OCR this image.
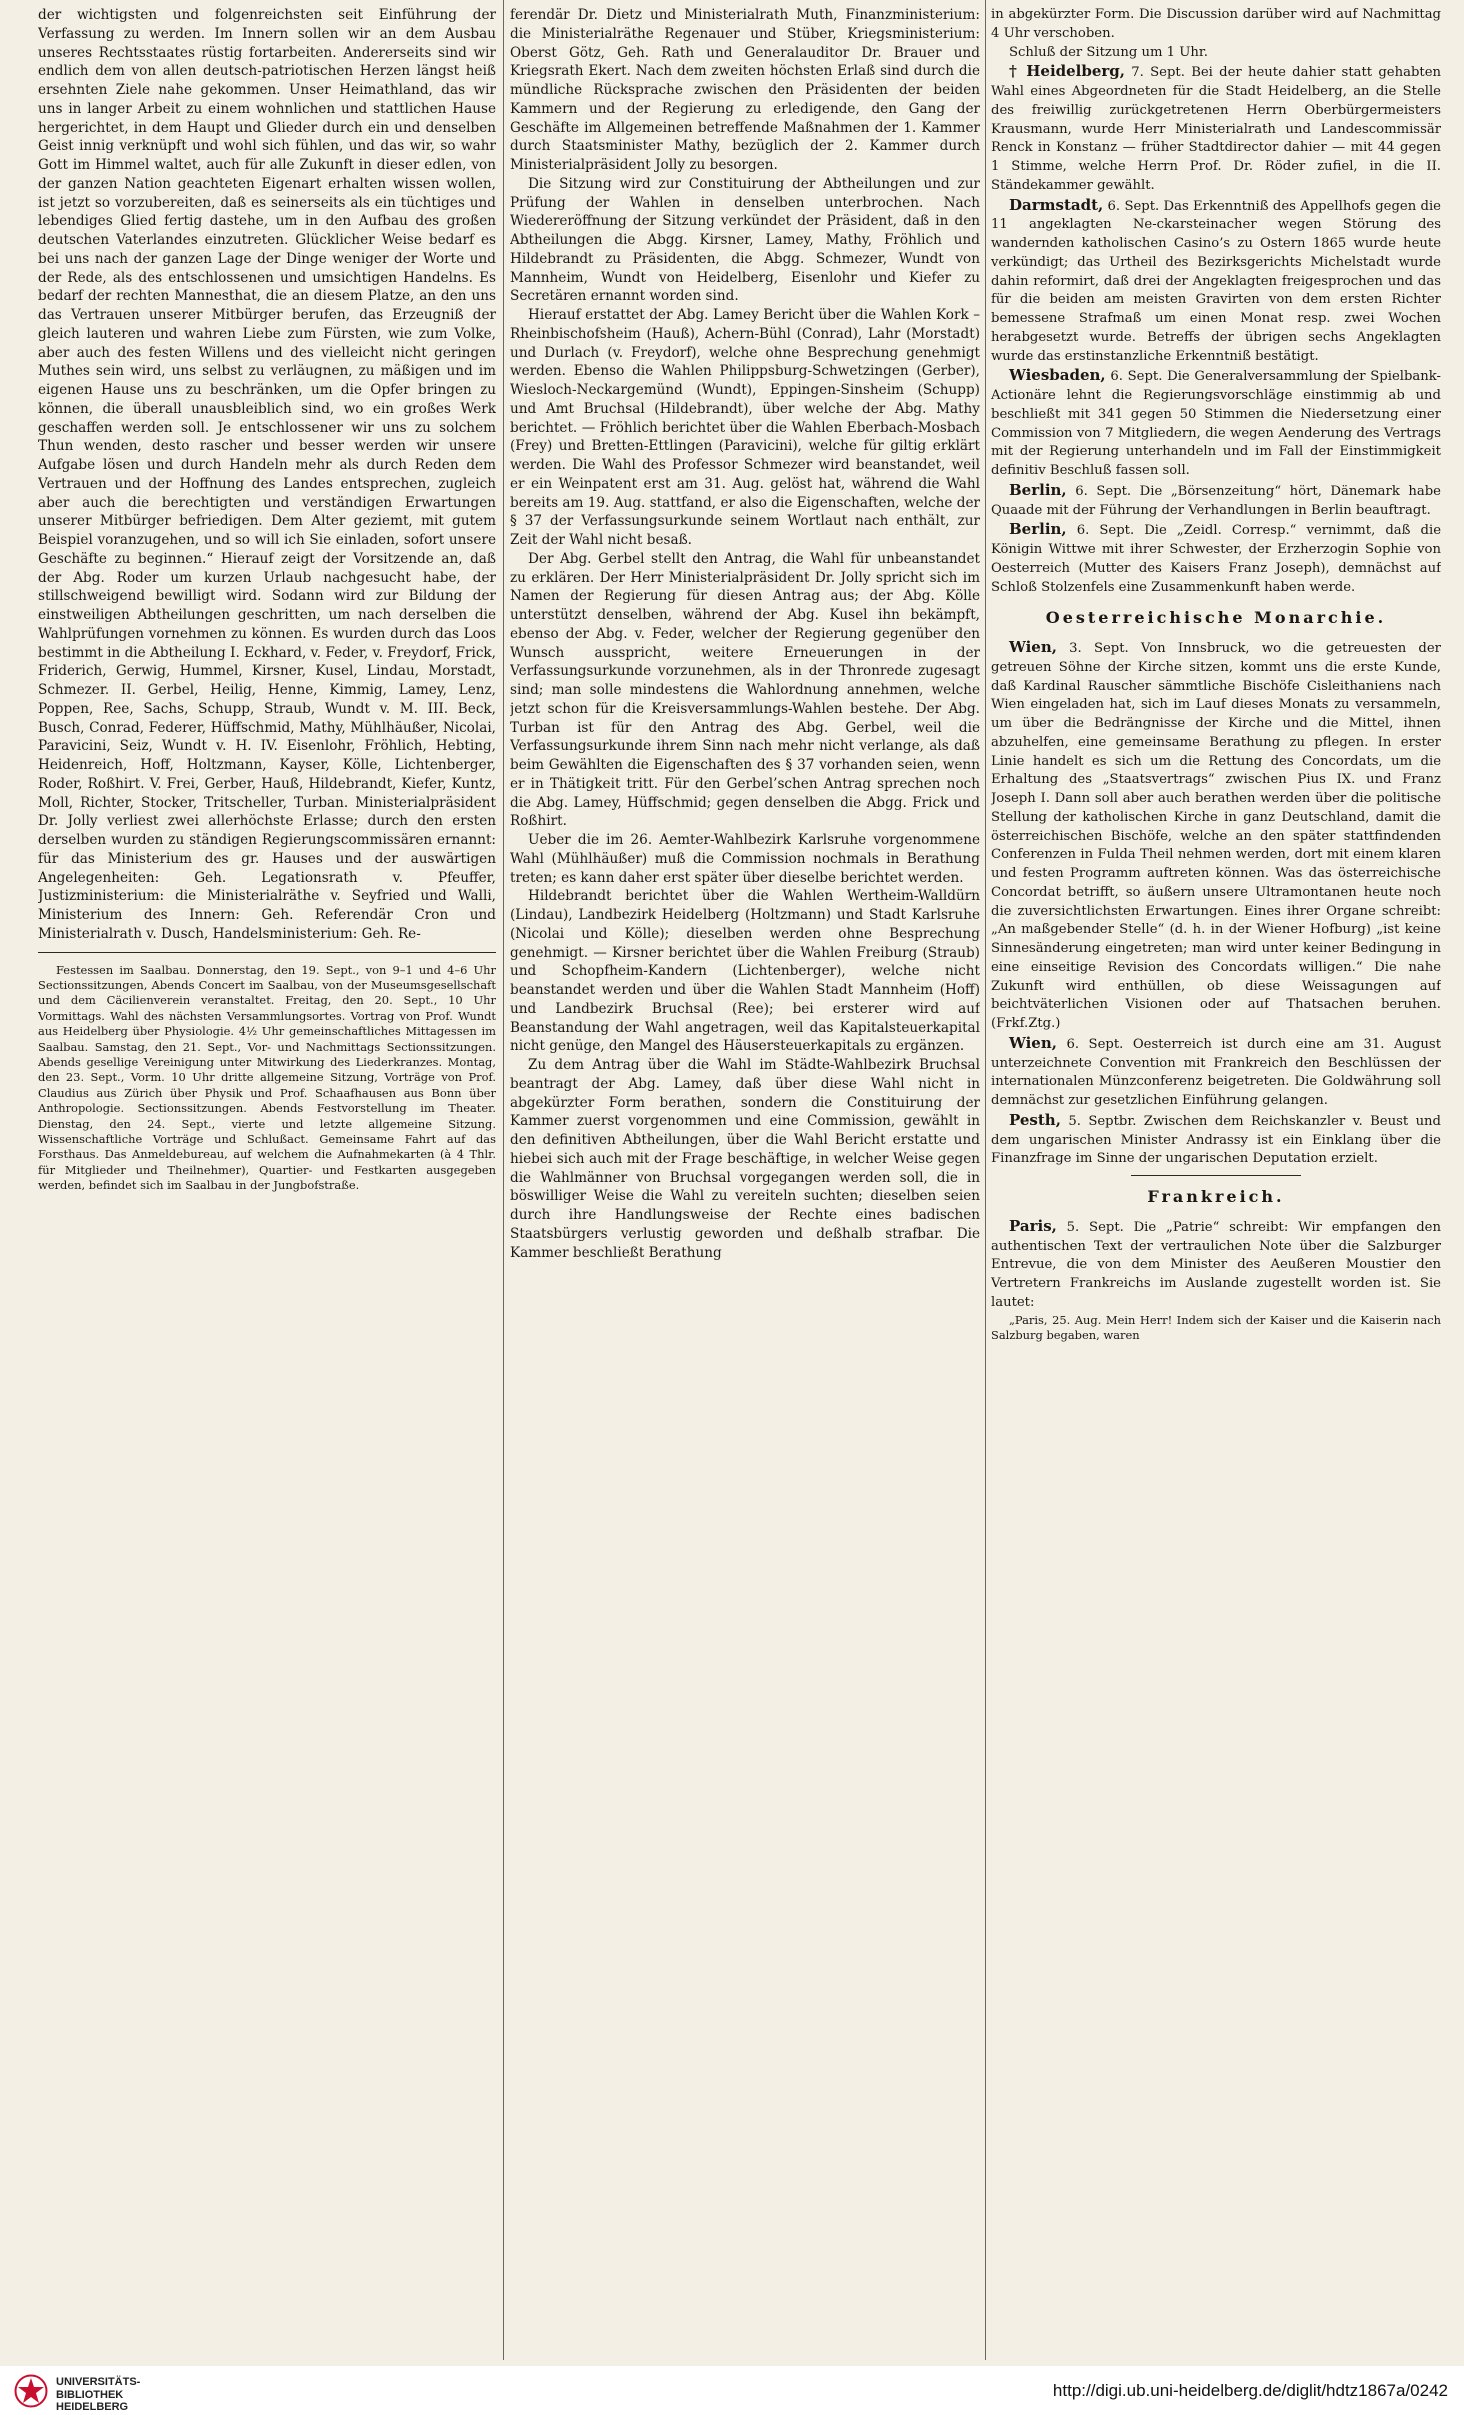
der wichtigsten und folgenreichsten seit Einführung der Verfassung zu werden. Im Innern sollen wir an dem Ausbau unseres Rechtsstaates rüstig fortarbeiten. Andererseits sind wir endlich dem von allen deutsch-patriotischen Herzen längst heiß ersehnten Ziele nahe gekommen. Unser Heimathland, das wir uns in langer Arbeit zu einem wohnlichen und stattlichen Hause hergerichtet, in dem Haupt und Glieder durch ein und denselben Geist innig verknüpft und wohl sich fühlen, und das wir, so wahr Gott im Himmel waltet, auch für alle Zukunft in dieser edlen, von der ganzen Nation geachteten Eigenart erhalten wissen wollen, ist jetzt so vorzubereiten, daß es seinerseits als ein tüchtiges und lebendiges Glied fertig dastehe, um in den Aufbau des großen deutschen Vaterlandes einzutreten. Glücklicher Weise bedarf es bei uns nach der ganzen Lage der Dinge weniger der Worte und der Rede, als des entschlossenen und umsichtigen Handelns. Es bedarf der rechten Mannesthat, die an diesem Platze, an den uns das Vertrauen unserer Mitbürger berufen, das Erzeugniß der gleich lauteren und wahren Liebe zum Fürsten, wie zum Volke, aber auch des festen Willens und des vielleicht nicht geringen Muthes sein wird, uns selbst zu verläugnen, zu mäßigen und im eigenen Hause uns zu beschränken, um die Opfer bringen zu können, die überall unausbleiblich sind, wo ein großes Werk geschaffen werden soll. Je entschlossener wir uns zu solchem Thun wenden, desto rascher und besser werden wir unsere Aufgabe lösen und durch Handeln mehr als durch Reden dem Vertrauen und der Hoffnung des Landes entsprechen, zugleich aber auch die berechtigten und verständigen Erwartungen unserer Mitbürger befriedigen. Dem Alter geziemt, mit gutem Beispiel voranzugehen, und so will ich Sie einladen, sofort unsere Geschäfte zu beginnen.“ Hierauf zeigt der Vorsitzende an, daß der Abg. Roder um kurzen Urlaub nachgesucht habe, der stillschweigend bewilligt wird. Sodann wird zur Bildung der einstweiligen Abtheilungen geschritten, um nach derselben die Wahlprüfungen vornehmen zu können. Es wurden durch das Loos bestimmt in die Abtheilung I. Eckhard, v. Feder, v. Freydorf, Frick, Friderich, Gerwig, Hummel, Kirsner, Kusel, Lindau, Morstadt, Schmezer. II. Gerbel, Heilig, Henne, Kimmig, Lamey, Lenz, Poppen, Ree, Sachs, Schupp, Straub, Wundt v. M. III. Beck, Busch, Conrad, Federer, Hüffschmid, Mathy, Mühlhäußer, Nicolai, Paravicini, Seiz, Wundt v. H. IV. Eisenlohr, Fröhlich, Hebting, Heidenreich, Hoff, Holtzmann, Kayser, Kölle, Lichtenberger, Roder, Roßhirt. V. Frei, Gerber, Hauß, Hildebrandt, Kiefer, Kuntz, Moll, Richter, Stocker, Tritscheller, Turban. Ministerialpräsident Dr. Jolly verliest zwei allerhöchste Erlasse; durch den ersten derselben wurden zu ständigen Regierungscommissären ernannt: für das Ministerium des gr. Hauses und der auswärtigen Angelegenheiten: Geh. Legationsrath v. Pfeuffer, Justizministerium: die Ministerialräthe v. Seyfried und Walli, Ministerium des Innern: Geh. Referendär Cron und Ministerialrath v. Dusch, Handelsministerium: Geh. Re-

Festessen im Saalbau. Donnerstag, den 19. Sept., von 9–1 und 4–6 Uhr Sectionssitzungen, Abends Concert im Saalbau, von der Museumsgesellschaft und dem Cäcilienverein veranstaltet. Freitag, den 20. Sept., 10 Uhr Vormittags. Wahl des nächsten Versammlungsortes. Vortrag von Prof. Wundt aus Heidelberg über Physiologie. 4½ Uhr gemeinschaftliches Mittagessen im Saalbau. Samstag, den 21. Sept., Vor- und Nachmittags Sectionssitzungen. Abends gesellige Vereinigung unter Mitwirkung des Liederkranzes. Montag, den 23. Sept., Vorm. 10 Uhr dritte allgemeine Sitzung, Vorträge von Prof. Claudius aus Zürich über Physik und Prof. Schaafhausen aus Bonn über Anthropologie. Sectionssitzungen. Abends Festvorstellung im Theater. Dienstag, den 24. Sept., vierte und letzte allgemeine Sitzung. Wissenschaftliche Vorträge und Schlußact. Gemeinsame Fahrt auf das Forsthaus. Das Anmeldebureau, auf welchem die Aufnahmekarten (à 4 Thlr. für Mitglieder und Theilnehmer), Quartier- und Festkarten ausgegeben werden, befindet sich im Saalbau in der Jungbofstraße.

ferendär Dr. Dietz und Ministerialrath Muth, Finanzministerium: die Ministerialräthe Regenauer und Stüber, Kriegsministerium: Oberst Götz, Geh. Rath und Generalauditor Dr. Brauer und Kriegsrath Ekert. Nach dem zweiten höchsten Erlaß sind durch die mündliche Rücksprache zwischen den Präsidenten der beiden Kammern und der Regierung zu erledigende, den Gang der Geschäfte im Allgemeinen betreffende Maßnahmen der 1. Kammer durch Staatsminister Mathy, bezüglich der 2. Kammer durch Ministerialpräsident Jolly zu besorgen.

Die Sitzung wird zur Constituirung der Abtheilungen und zur Prüfung der Wahlen in denselben unterbrochen. Nach Wiedereröffnung der Sitzung verkündet der Präsident, daß in den Abtheilungen die Abgg. Kirsner, Lamey, Mathy, Fröhlich und Hildebrandt zu Präsidenten, die Abgg. Schmezer, Wundt von Mannheim, Wundt von Heidelberg, Eisenlohr und Kiefer zu Secretären ernannt worden sind.

Hierauf erstattet der Abg. Lamey Bericht über die Wahlen Kork – Rheinbischofsheim (Hauß), Achern-Bühl (Conrad), Lahr (Morstadt) und Durlach (v. Freydorf), welche ohne Besprechung genehmigt werden. Ebenso die Wahlen Philippsburg-Schwetzingen (Gerber), Wiesloch-Neckargemünd (Wundt), Eppingen-Sinsheim (Schupp) und Amt Bruchsal (Hildebrandt), über welche der Abg. Mathy berichtet. — Fröhlich berichtet über die Wahlen Eberbach-Mosbach (Frey) und Bretten-Ettlingen (Paravicini), welche für giltig erklärt werden. Die Wahl des Professor Schmezer wird beanstandet, weil er ein Weinpatent erst am 31. Aug. gelöst hat, während die Wahl bereits am 19. Aug. stattfand, er also die Eigenschaften, welche der § 37 der Verfassungsurkunde seinem Wortlaut nach enthält, zur Zeit der Wahl nicht besaß.

Der Abg. Gerbel stellt den Antrag, die Wahl für unbeanstandet zu erklären. Der Herr Ministerialpräsident Dr. Jolly spricht sich im Namen der Regierung für diesen Antrag aus; der Abg. Kölle unterstützt denselben, während der Abg. Kusel ihn bekämpft, ebenso der Abg. v. Feder, welcher der Regierung gegenüber den Wunsch ausspricht, weitere Erneuerungen in der Verfassungsurkunde vorzunehmen, als in der Thronrede zugesagt sind; man solle mindestens die Wahlordnung annehmen, welche jetzt schon für die Kreisversammlungs-Wahlen bestehe. Der Abg. Turban ist für den Antrag des Abg. Gerbel, weil die Verfassungsurkunde ihrem Sinn nach mehr nicht verlange, als daß beim Gewählten die Eigenschaften des § 37 vorhanden seien, wenn er in Thätigkeit tritt. Für den Gerbel’schen Antrag sprechen noch die Abg. Lamey, Hüffschmid; gegen denselben die Abgg. Frick und Roßhirt.

Ueber die im 26. Aemter-Wahlbezirk Karlsruhe vorgenommene Wahl (Mühlhäußer) muß die Commission nochmals in Berathung treten; es kann daher erst später über dieselbe berichtet werden.

Hildebrandt berichtet über die Wahlen Wertheim-Walldürn (Lindau), Landbezirk Heidelberg (Holtzmann) und Stadt Karlsruhe (Nicolai und Kölle); dieselben werden ohne Besprechung genehmigt. — Kirsner berichtet über die Wahlen Freiburg (Straub) und Schopfheim-Kandern (Lichtenberger), welche nicht beanstandet werden und über die Wahlen Stadt Mannheim (Hoff) und Landbezirk Bruchsal (Ree); bei ersterer wird auf Beanstandung der Wahl angetragen, weil das Kapitalsteuerkapital nicht genüge, den Mangel des Häusersteuerkapitals zu ergänzen.

Zu dem Antrag über die Wahl im Städte-Wahlbezirk Bruchsal beantragt der Abg. Lamey, daß über diese Wahl nicht in abgekürzter Form berathen, sondern die Constituirung der Kammer zuerst vorgenommen und eine Commission, gewählt in den definitiven Abtheilungen, über die Wahl Bericht erstatte und hiebei sich auch mit der Frage beschäftige, in welcher Weise gegen die Wahlmänner von Bruchsal vorgegangen werden soll, die in böswilliger Weise die Wahl zu vereiteln suchten; dieselben seien durch ihre Handlungsweise der Rechte eines badischen Staatsbürgers verlustig geworden und deßhalb strafbar. Die Kammer beschließt Berathung

in abgekürzter Form. Die Discussion darüber wird auf Nachmittag 4 Uhr verschoben.

Schluß der Sitzung um 1 Uhr.

† Heidelberg, 7. Sept. Bei der heute dahier statt gehabten Wahl eines Abgeordneten für die Stadt Heidelberg, an die Stelle des freiwillig zurückgetretenen Herrn Oberbürgermeisters Krausmann, wurde Herr Ministerialrath und Landescommissär Renck in Konstanz — früher Stadtdirector dahier — mit 44 gegen 1 Stimme, welche Herrn Prof. Dr. Röder zufiel, in die II. Ständekammer gewählt.

Darmstadt, 6. Sept. Das Erkenntniß des Appellhofs gegen die 11 angeklagten Ne-ckarsteinacher wegen Störung des wandernden katholischen Casino’s zu Ostern 1865 wurde heute verkündigt; das Urtheil des Bezirksgerichts Michelstadt wurde dahin reformirt, daß drei der Angeklagten freigesprochen und das für die beiden am meisten Gravirten von dem ersten Richter bemessene Strafmaß um einen Monat resp. zwei Wochen herabgesetzt wurde. Betreffs der übrigen sechs Angeklagten wurde das erstinstanzliche Erkenntniß bestätigt.

Wiesbaden, 6. Sept. Die Generalversammlung der Spielbank-Actionäre lehnt die Regierungsvorschläge einstimmig ab und beschließt mit 341 gegen 50 Stimmen die Niedersetzung einer Commission von 7 Mitgliedern, die wegen Aenderung des Vertrags mit der Regierung unterhandeln und im Fall der Einstimmigkeit definitiv Beschluß fassen soll.

Berlin, 6. Sept. Die „Börsenzeitung“ hört, Dänemark habe Quaade mit der Führung der Verhandlungen in Berlin beauftragt.

Berlin, 6. Sept. Die „Zeidl. Corresp.“ vernimmt, daß die Königin Wittwe mit ihrer Schwester, der Erzherzogin Sophie von Oesterreich (Mutter des Kaisers Franz Joseph), demnächst auf Schloß Stolzenfels eine Zusammenkunft haben werde.

Oesterreichische Monarchie.

Wien, 3. Sept. Von Innsbruck, wo die getreuesten der getreuen Söhne der Kirche sitzen, kommt uns die erste Kunde, daß Kardinal Rauscher sämmtliche Bischöfe Cisleithaniens nach Wien eingeladen hat, sich im Lauf dieses Monats zu versammeln, um über die Bedrängnisse der Kirche und die Mittel, ihnen abzuhelfen, eine gemeinsame Berathung zu pflegen. In erster Linie handelt es sich um die Rettung des Concordats, um die Erhaltung des „Staatsvertrags“ zwischen Pius IX. und Franz Joseph I. Dann soll aber auch berathen werden über die politische Stellung der katholischen Kirche in ganz Deutschland, damit die österreichischen Bischöfe, welche an den später stattfindenden Conferenzen in Fulda Theil nehmen werden, dort mit einem klaren und festen Programm auftreten können. Was das österreichische Concordat betrifft, so äußern unsere Ultramontanen heute noch die zuversichtlichsten Erwartungen. Eines ihrer Organe schreibt: „An maßgebender Stelle“ (d. h. in der Wiener Hofburg) „ist keine Sinnesänderung eingetreten; man wird unter keiner Bedingung in eine einseitige Revision des Concordats willigen.“ Die nahe Zukunft wird enthüllen, ob diese Weissagungen auf beichtväterlichen Visionen oder auf Thatsachen beruhen. (Frkf.Ztg.)

Wien, 6. Sept. Oesterreich ist durch eine am 31. August unterzeichnete Convention mit Frankreich den Beschlüssen der internationalen Münzconferenz beigetreten. Die Goldwährung soll demnächst zur gesetzlichen Einführung gelangen.

Pesth, 5. Septbr. Zwischen dem Reichskanzler v. Beust und dem ungarischen Minister Andrassy ist ein Einklang über die Finanzfrage im Sinne der ungarischen Deputation erzielt.

Frankreich.

Paris, 5. Sept. Die „Patrie“ schreibt: Wir empfangen den authentischen Text der vertraulichen Note über die Salzburger Entrevue, die von dem Minister des Aeußeren Moustier den Vertretern Frankreichs im Auslande zugestellt worden ist. Sie lautet:

„Paris, 25. Aug. Mein Herr! Indem sich der Kaiser und die Kaiserin nach Salzburg begaben, waren

UNIVERSITÄTS-
BIBLIOTHEK
HEIDELBERG
http://digi.ub.uni-heidelberg.de/diglit/hdtz1867a/0242
